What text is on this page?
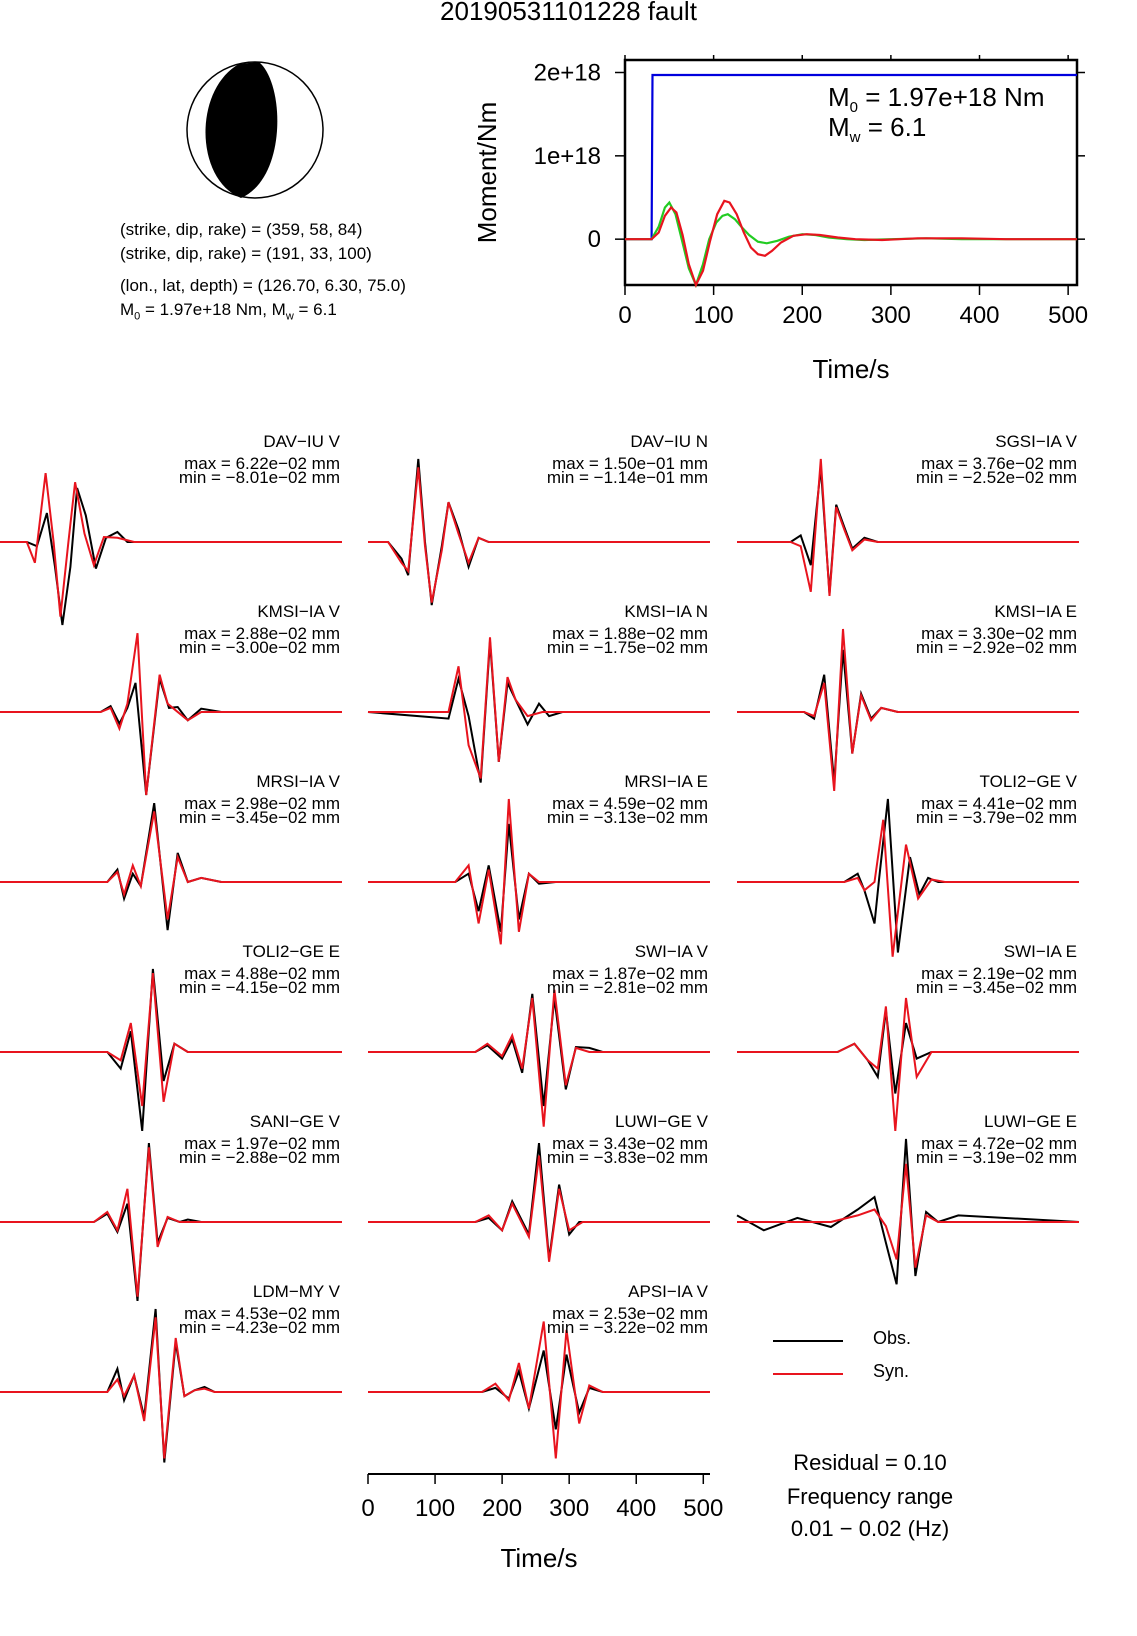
20190531101228 fault
(strike, dip, rake) = (359, 58, 84)
(strike, dip, rake) = (191, 33, 100)
(lon., lat, depth) = (126.70, 6.30, 75.0)
$M_0 = 1.97e+18$ Nm, $M_w = 6.1$	0	100 200 300 400 500
0
1e+18
2e+18
Time/s
Moment/Nm
$M_0 = 1.97e+18$ Nm
$M_w = 6.1$
DAV−IU V
max = 6.22e−02 mm
min = −8.01e−02 mm
DAV−IU N
max = 1.50e−01 mm
min = −1.14e−01 mm
SGSI−IA V
max = 3.76e−02 mm
min = −2.52e−02 mm
KMSI−IA V
max = 2.88e−02 mm
min = −3.00e−02 mm
KMSI−IA N
max = 1.88e−02 mm
min = −1.75e−02 mm
KMSI−IA E
max = 3.30e−02 mm
min = −2.92e−02 mm
MRSI−IA V
max = 2.98e−02 mm
min = −3.45e−02 mm
MRSI−IA E
max = 4.59e−02 mm
min = −3.13e−02 mm
TOLI2−GE V
max = 4.41e−02 mm
min = −3.79e−02 mm
TOLI2−GE E
max = 4.88e−02 mm
min = −4.15e−02 mm
SWI−IA V
max = 1.87e−02 mm
min = −2.81e−02 mm
SWI−IA E
max = 2.19e−02 mm
min = −3.45e−02 mm
SANI−GE V
max = 1.97e−02 mm
min = −2.88e−02 mm
LUWI−GE V
max = 3.43e−02 mm
min = −3.83e−02 mm
LUWI−GE E
max = 4.72e−02 mm
min = −3.19e−02 mm
LDM−MY V
max = 4.53e−02 mm
min = −4.23e−02 mm
APSI−IA V
max = 2.53e−02 mm
min = −3.22e−02 mm
0 100 200 300 400 500
Time/s
Obs.
Syn.
Residual = 0.10
Frequency range
0.01 − 0.02 (Hz)
